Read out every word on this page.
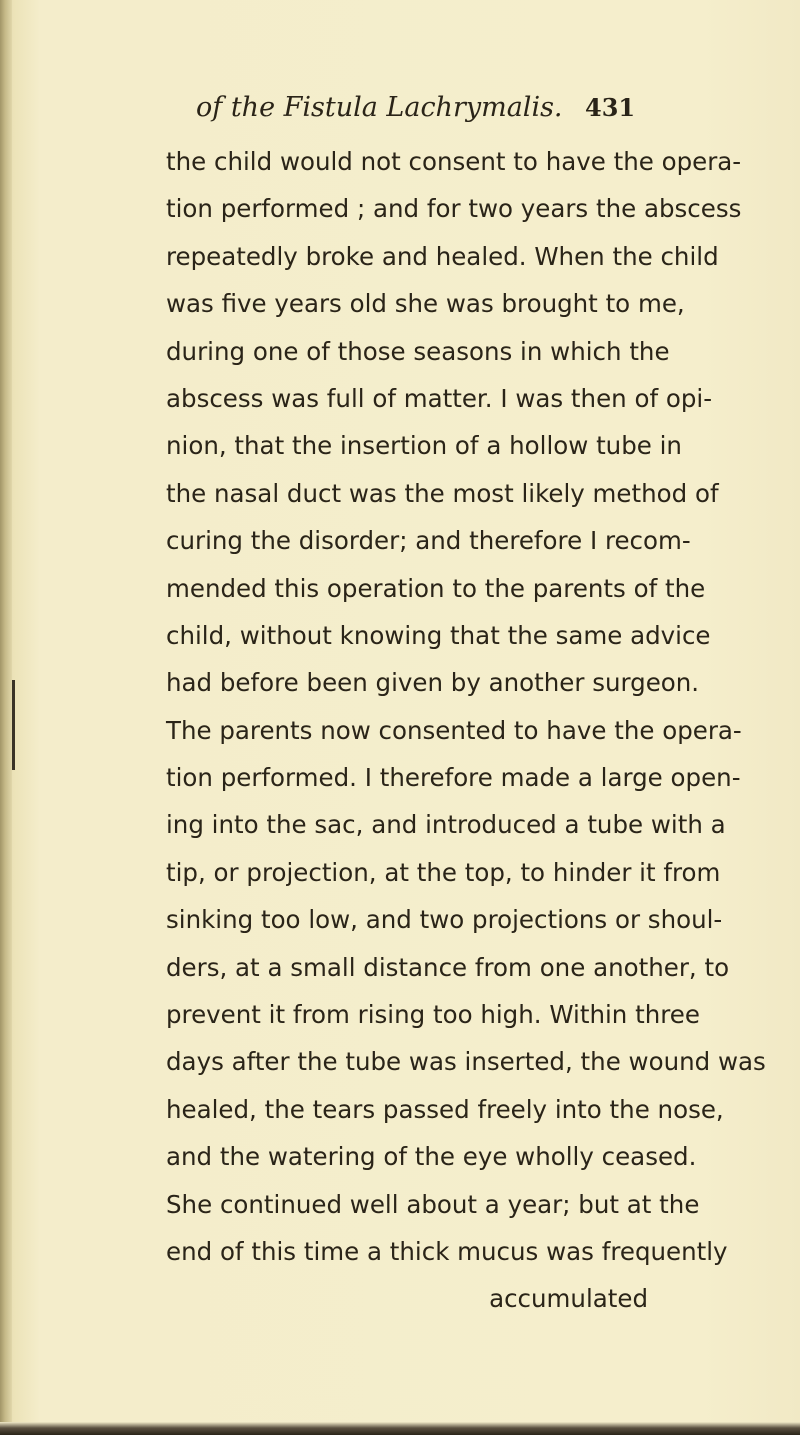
of the Fistula Lachrymalis. 431
the child would not consent to have the opera-
tion performed ; and for two years the abscess
repeatedly broke and healed. When the child
was five years old she was brought to me,
during one of those seasons in which the
abscess was full of matter. I was then of opi-
nion, that the insertion of a hollow tube in
the nasal duct was the most likely method of
curing the disorder; and therefore I recom-
mended this operation to the parents of the
child, without knowing that the same advice
had before been given by another surgeon.
The parents now consented to have the opera-
tion performed. I therefore made a large open-
ing into the sac, and introduced a tube with a
tip, or projection, at the top, to hinder it from
sinking too low, and two projections or shoul-
ders, at a small distance from one another, to
prevent it from rising too high. Within three
days after the tube was inserted, the wound was
healed, the tears passed freely into the nose,
and the watering of the eye wholly ceased.
She continued well about a year; but at the
end of this time a thick mucus was frequently
accumulated
